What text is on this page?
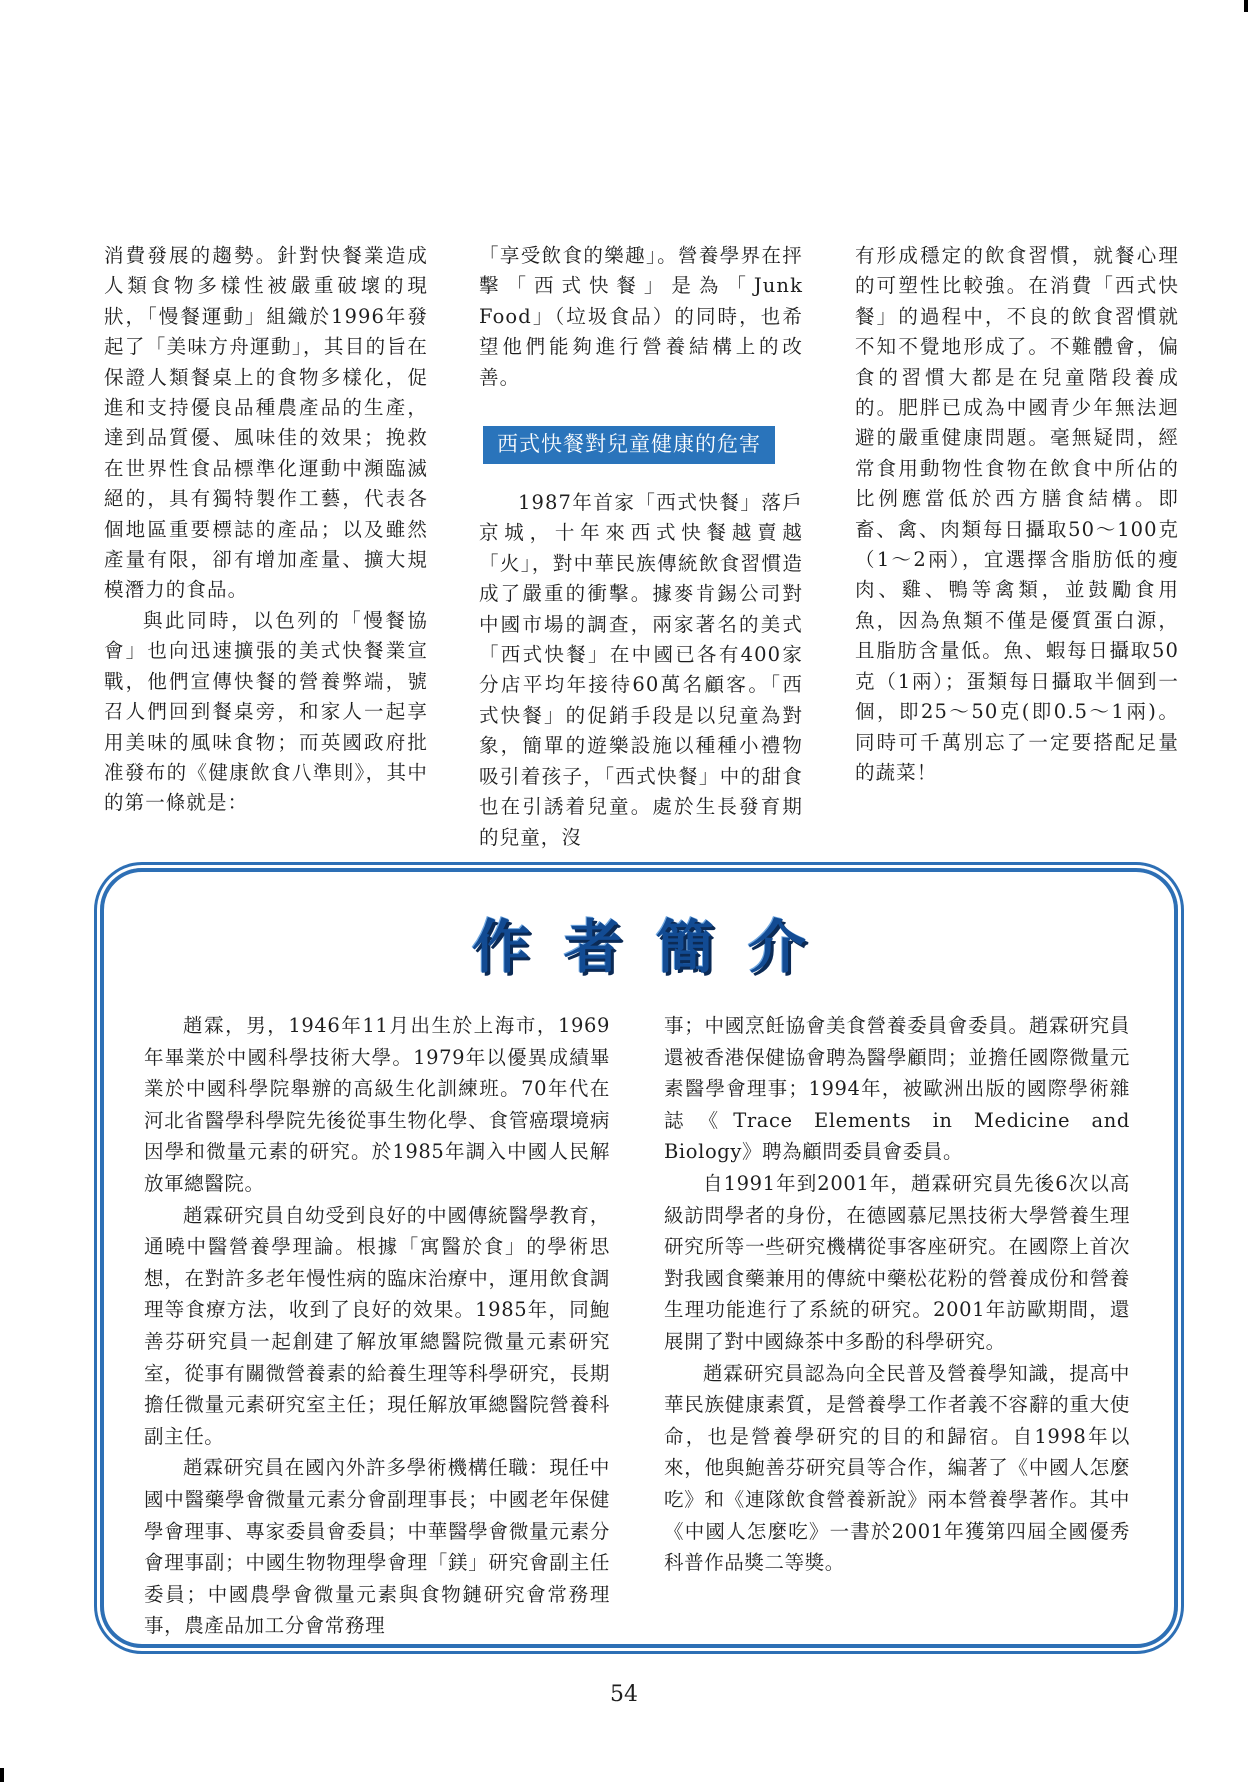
消費發展的趨勢。針對快餐業造成人類食物多樣性被嚴重破壞的現狀，「慢餐運動」組織於1996年發起了「美味方舟運動」，其目的旨在保證人類餐桌上的食物多樣化，促進和支持優良品種農產品的生產，達到品質優、風味佳的效果；挽救在世界性食品標準化運動中瀕臨滅絕的，具有獨特製作工藝，代表各個地區重要標誌的產品；以及雖然產量有限，卻有增加產量、擴大規模潛力的食品。

與此同時，以色列的「慢餐協會」也向迅速擴張的美式快餐業宣戰，他們宣傳快餐的營養弊端，號召人們回到餐桌旁，和家人一起享用美味的風味食物；而英國政府批准發布的《健康飲食八準則》，其中的第一條就是：

「享受飲食的樂趣」。營養學界在抨擊「西式快餐」是為「Junk Food」（垃圾食品）的同時，也希望他們能夠進行營養結構上的改善。

西式快餐對兒童健康的危害

1987年首家「西式快餐」落戶京城，十年來西式快餐越賣越「火」，對中華民族傳統飲食習慣造成了嚴重的衝擊。據麥肯錫公司對中國市場的調查，兩家著名的美式「西式快餐」在中國已各有400家分店平均年接待60萬名顧客。「西式快餐」的促銷手段是以兒童為對象，簡單的遊樂設施以種種小禮物吸引着孩子，「西式快餐」中的甜食也在引誘着兒童。處於生長發育期的兒童，沒

有形成穩定的飲食習慣，就餐心理的可塑性比較強。在消費「西式快餐」的過程中，不良的飲食習慣就不知不覺地形成了。不難體會，偏食的習慣大都是在兒童階段養成的。肥胖已成為中國青少年無法迴避的嚴重健康問題。毫無疑問，經常食用動物性食物在飲食中所佔的比例應當低於西方膳食結構。即畜、禽、肉類每日攝取50～100克（1～2兩），宜選擇含脂肪低的瘦肉、雞、鴨等禽類，並鼓勵食用魚，因為魚類不僅是優質蛋白源，且脂肪含量低。魚、蝦每日攝取50克（1兩）；蛋類每日攝取半個到一個，即25～50克(即0.5～1兩)。同時可千萬別忘了一定要搭配足量的蔬菜！

作者簡介

趙霖，男，1946年11月出生於上海市，1969年畢業於中國科學技術大學。1979年以優異成績畢業於中國科學院舉辦的高級生化訓練班。70年代在河北省醫學科學院先後從事生物化學、食管癌環境病因學和微量元素的研究。於1985年調入中國人民解放軍總醫院。

趙霖研究員自幼受到良好的中國傳統醫學教育，通曉中醫營養學理論。根據「寓醫於食」的學術思想，在對許多老年慢性病的臨床治療中，運用飲食調理等食療方法，收到了良好的效果。1985年，同鮑善芬研究員一起創建了解放軍總醫院微量元素研究室，從事有關微營養素的給養生理等科學研究，長期擔任微量元素研究室主任；現任解放軍總醫院營養科副主任。

趙霖研究員在國內外許多學術機構任職：現任中國中醫藥學會微量元素分會副理事長；中國老年保健學會理事、專家委員會委員；中華醫學會微量元素分會理事副；中國生物物理學會理「鎂」研究會副主任委員；中國農學會微量元素與食物鏈研究會常務理事，農產品加工分會常務理

事；中國烹飪協會美食營養委員會委員。趙霖研究員還被香港保健協會聘為醫學顧問；並擔任國際微量元素醫學會理事；1994年，被歐洲出版的國際學術雜誌《Trace Elements in Medicine and Biology》聘為顧問委員會委員。

自1991年到2001年，趙霖研究員先後6次以高級訪問學者的身份，在德國慕尼黑技術大學營養生理研究所等一些研究機構從事客座研究。在國際上首次對我國食藥兼用的傳統中藥松花粉的營養成份和營養生理功能進行了系統的研究。2001年訪歐期間，還展開了對中國綠茶中多酚的科學研究。

趙霖研究員認為向全民普及營養學知識，提高中華民族健康素質，是營養學工作者義不容辭的重大使命，也是營養學研究的目的和歸宿。自1998年以來，他與鮑善芬研究員等合作，編著了《中國人怎麼吃》和《連隊飲食營養新說》兩本營養學著作。其中《中國人怎麼吃》一書於2001年獲第四屆全國優秀科普作品獎二等獎。

54
